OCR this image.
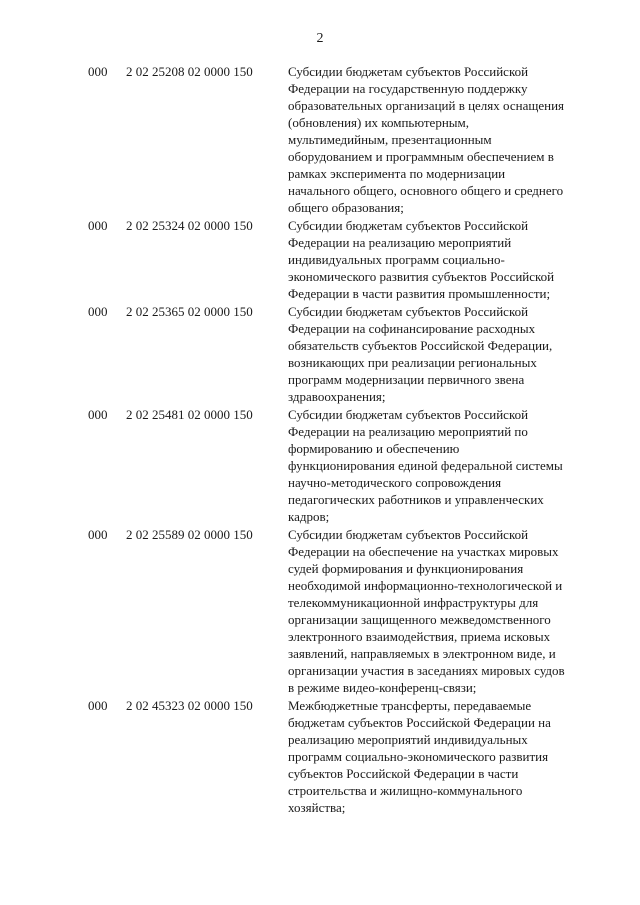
2
000 2 02 25208 02 0000 150	Субсидии бюджетам субъектов Российской
Федерации на государственную поддержку
образовательных организаций в целях оснащения
(обновления) их компьютерным,
мультимедийным, презентационным
оборудованием и программным обеспечением в
рамках эксперимента по модернизации
начального общего, основного общего и среднего
общего образования;
000 2 02 25324 02 0000 150	Субсидии бюджетам субъектов Российской
Федерации на реализацию мероприятий
индивидуальных программ социально-
экономического развития субъектов Российской
Федерации в части развития промышленности;
000 2 02 25365 02 0000 150	Субсидии бюджетам субъектов Российской
Федерации на софинансирование расходных
обязательств субъектов Российской Федерации,
возникающих при реализации региональных
программ модернизации первичного звена
здравоохранения;
000 2 02 25481 02 0000 150	Субсидии бюджетам субъектов Российской
Федерации на реализацию мероприятий по
формированию и обеспечению
функционирования единой федеральной системы
научно-методического сопровождения
педагогических работников и управленческих
кадров;
000 2 02 25589 02 0000 150	Субсидии бюджетам субъектов Российской
Федерации на обеспечение на участках мировых
судей формирования и функционирования
необходимой информационно-технологической и
телекоммуникационной инфраструктуры для
организации защищенного межведомственного
электронного взаимодействия, приема исковых
заявлений, направляемых в электронном виде, и
организации участия в заседаниях мировых судов
в режиме видео-конференц-связи;
000 2 02 45323 02 0000 150	Межбюджетные трансферты, передаваемые
бюджетам субъектов Российской Федерации на
реализацию мероприятий индивидуальных
программ социально-экономического развития
субъектов Российской Федерации в части
строительства и жилищно-коммунального
хозяйства;
